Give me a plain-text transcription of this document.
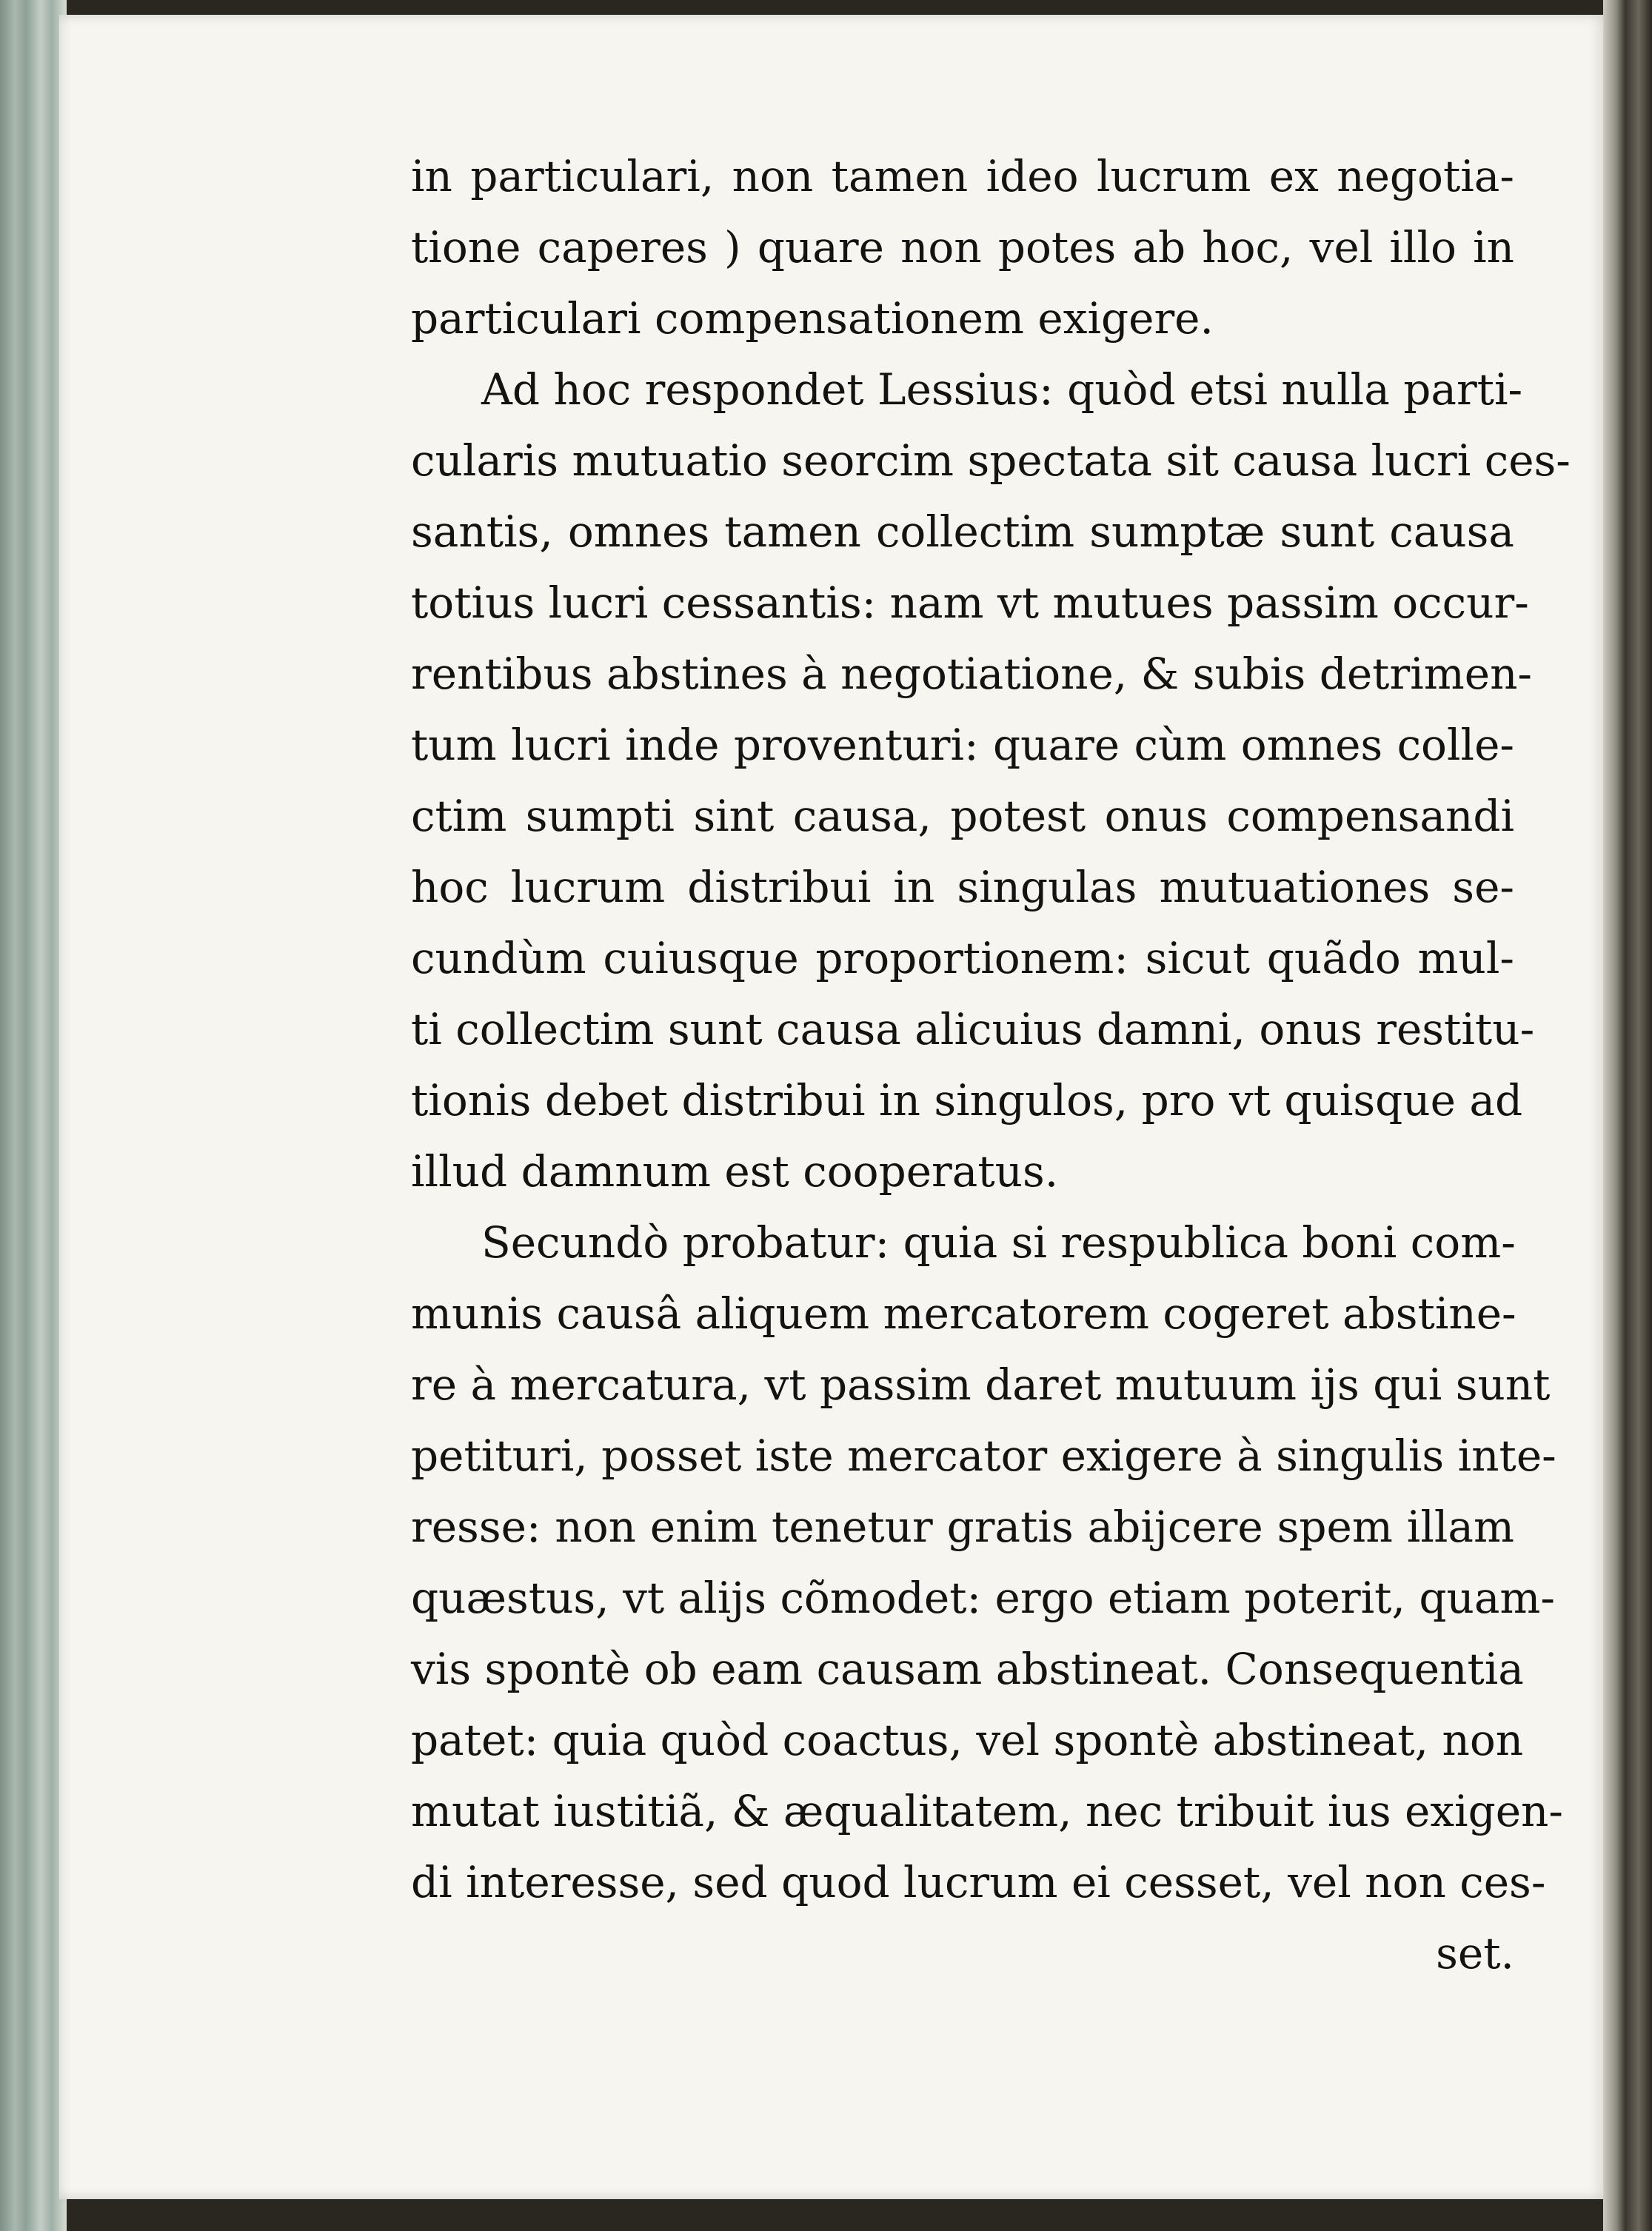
in particulari, non tamen ideo lucrum ex negotia-
tione caperes ) quare non potes ab hoc, vel illo in
particulari compensationem exigere.
Ad hoc respondet Lessius: quòd etsi nulla parti-
cularis mutuatio seorcim spectata sit causa lucri ces-
santis, omnes tamen collectim sumptæ sunt causa
totius lucri cessantis: nam vt mutues passim occur-
rentibus abstines à negotiatione, & subis detrimen-
tum lucri inde proventuri: quare cùm omnes colle-
ctim sumpti sint causa, potest onus compensandi
hoc lucrum distribui in singulas mutuationes se-
cundùm cuiusque proportionem: sicut quãdo mul-
ti collectim sunt causa alicuius damni, onus restitu-
tionis debet distribui in singulos, pro vt quisque ad
illud damnum est cooperatus.
Secundò probatur: quia si respublica boni com-
munis causâ aliquem mercatorem cogeret abstine-
re à mercatura, vt passim daret mutuum ijs qui sunt
petituri, posset iste mercator exigere à singulis inte-
resse: non enim tenetur gratis abijcere spem illam
quæstus, vt alijs cõmodet: ergo etiam poterit, quam-
vis spontè ob eam causam abstineat. Consequentia
patet: quia quòd coactus, vel spontè abstineat, non
mutat iustitiã, & æqualitatem, nec tribuit ius exigen-
di interesse, sed quod lucrum ei cesset, vel non ces-
set.
